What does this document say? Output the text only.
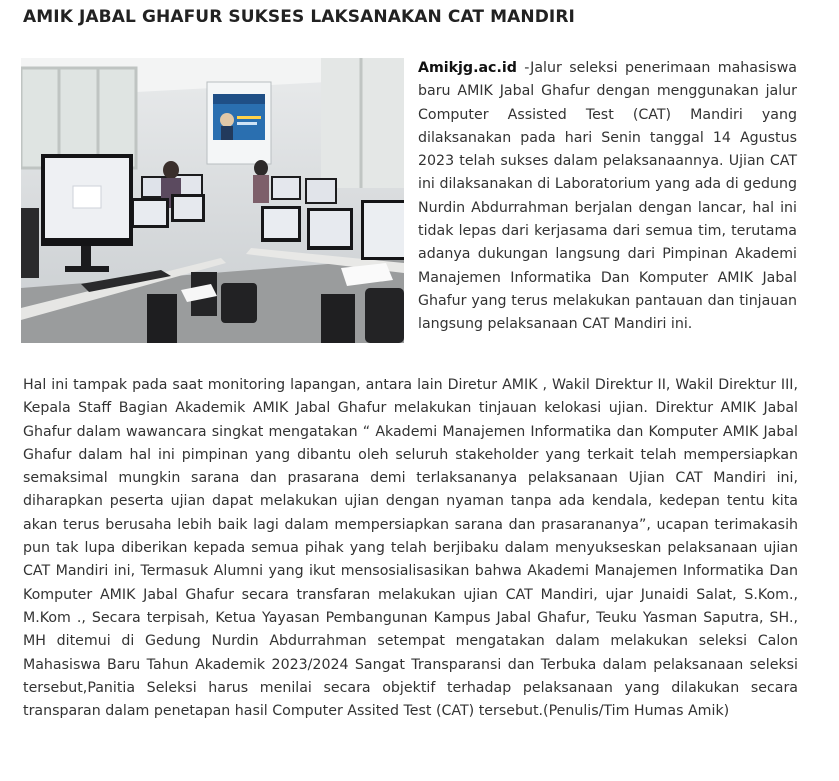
AMIK JABAL GHAFUR SUKSES LAKSANAKAN CAT MANDIRI

Amikjg.ac.id -Jalur seleksi penerimaan mahasiswa baru AMIK Jabal Ghafur dengan menggunakan jalur Computer Assisted Test (CAT) Mandiri yang dilaksanakan pada hari Senin tanggal 14 Agustus 2023 telah sukses dalam pelaksanaannya. Ujian CAT ini dilaksanakan di Laboratorium yang ada di gedung Nurdin Abdurrahman berjalan dengan lancar, hal ini tidak lepas dari kerjasama dari semua tim, terutama adanya dukungan langsung dari Pimpinan Akademi Manajemen Informatika Dan Komputer AMIK Jabal Ghafur yang terus melakukan pantauan dan tinjauan langsung pelaksanaan CAT Mandiri ini.

Hal ini tampak pada saat monitoring lapangan, antara lain Diretur AMIK , Wakil Direktur II, Wakil Direktur III, Kepala Staff Bagian Akademik AMIK Jabal Ghafur melakukan tinjauan kelokasi ujian. Direktur AMIK Jabal Ghafur dalam wawancara singkat mengatakan “ Akademi Manajemen Informatika dan Komputer AMIK Jabal Ghafur dalam hal ini pimpinan yang dibantu oleh seluruh stakeholder yang terkait telah mempersiapkan semaksimal mungkin sarana dan prasarana demi terlaksananya pelaksanaan Ujian CAT Mandiri ini, diharapkan peserta ujian dapat melakukan ujian dengan nyaman tanpa ada kendala, kedepan tentu kita akan terus berusaha lebih baik lagi dalam mempersiapkan sarana dan prasarananya”, ucapan terimakasih pun tak lupa diberikan kepada semua pihak yang telah berjibaku dalam menyukseskan pelaksanaan ujian CAT Mandiri ini, Termasuk Alumni yang ikut mensosialisasikan bahwa Akademi Manajemen Informatika Dan Komputer AMIK Jabal Ghafur secara transfaran melakukan ujian CAT Mandiri, ujar Junaidi Salat, S.Kom., M.Kom ., Secara terpisah, Ketua Yayasan Pembangunan Kampus Jabal Ghafur, Teuku Yasman Saputra, SH., MH ditemui di Gedung Nurdin Abdurrahman setempat mengatakan dalam melakukan seleksi Calon Mahasiswa Baru Tahun Akademik 2023/2024 Sangat Transparansi dan Terbuka dalam pelaksanaan seleksi tersebut,Panitia Seleksi harus menilai secara objektif terhadap pelaksanaan yang dilakukan secara transparan dalam penetapan hasil Computer Assited Test (CAT) tersebut.(Penulis/Tim Humas Amik)
